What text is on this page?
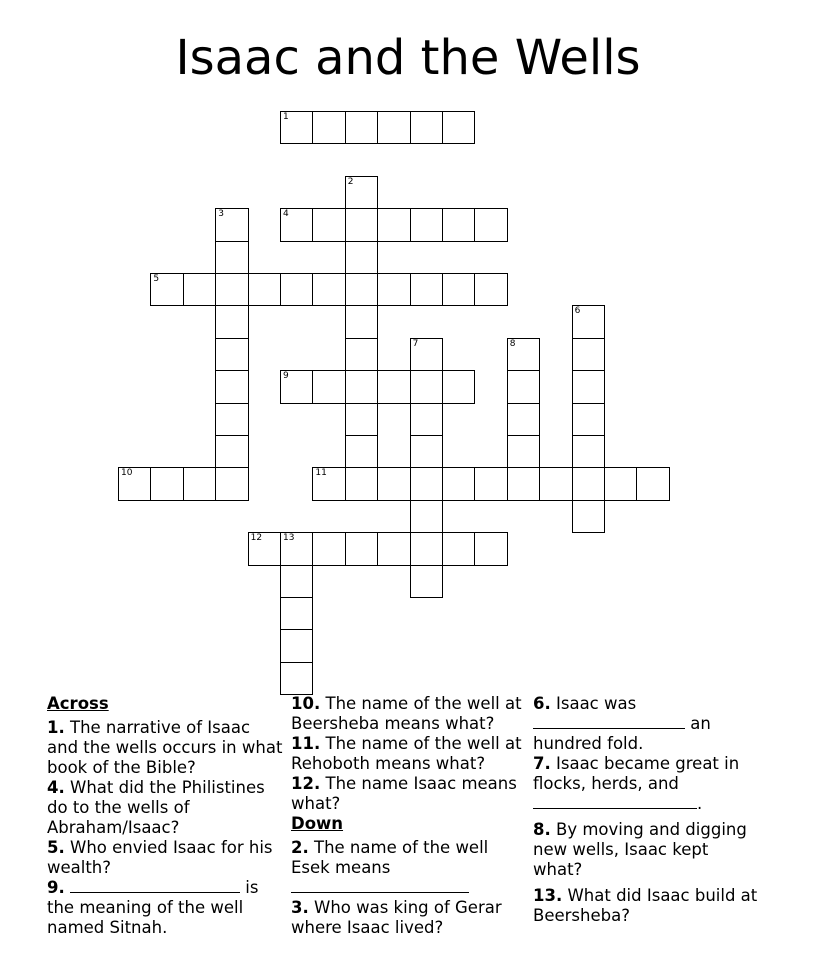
Isaac and the Wells
1
2
3	4
5
6
7	8
9
10	11
12 13

Across

1. The narrative of Isaac and the wells occurs in what book of the Bible?

4. What did the Philistines do to the wells of Abraham/Isaac?

5. Who envied Isaac for his wealth?

9.	is the meaning of the well named Sitnah.

10. The name of the well at Beersheba means what?

11. The name of the well at Rehoboth means what?

12. The name Isaac means what?

Down

2. The name of the well Esek means

3. Who was king of Gerar where Isaac lived?

6. Isaac was  an hundred fold.

7. Isaac became great in flocks, herds, and .

8. By moving and digging new wells, Isaac kept what?

13. What did Isaac build at Beersheba?
